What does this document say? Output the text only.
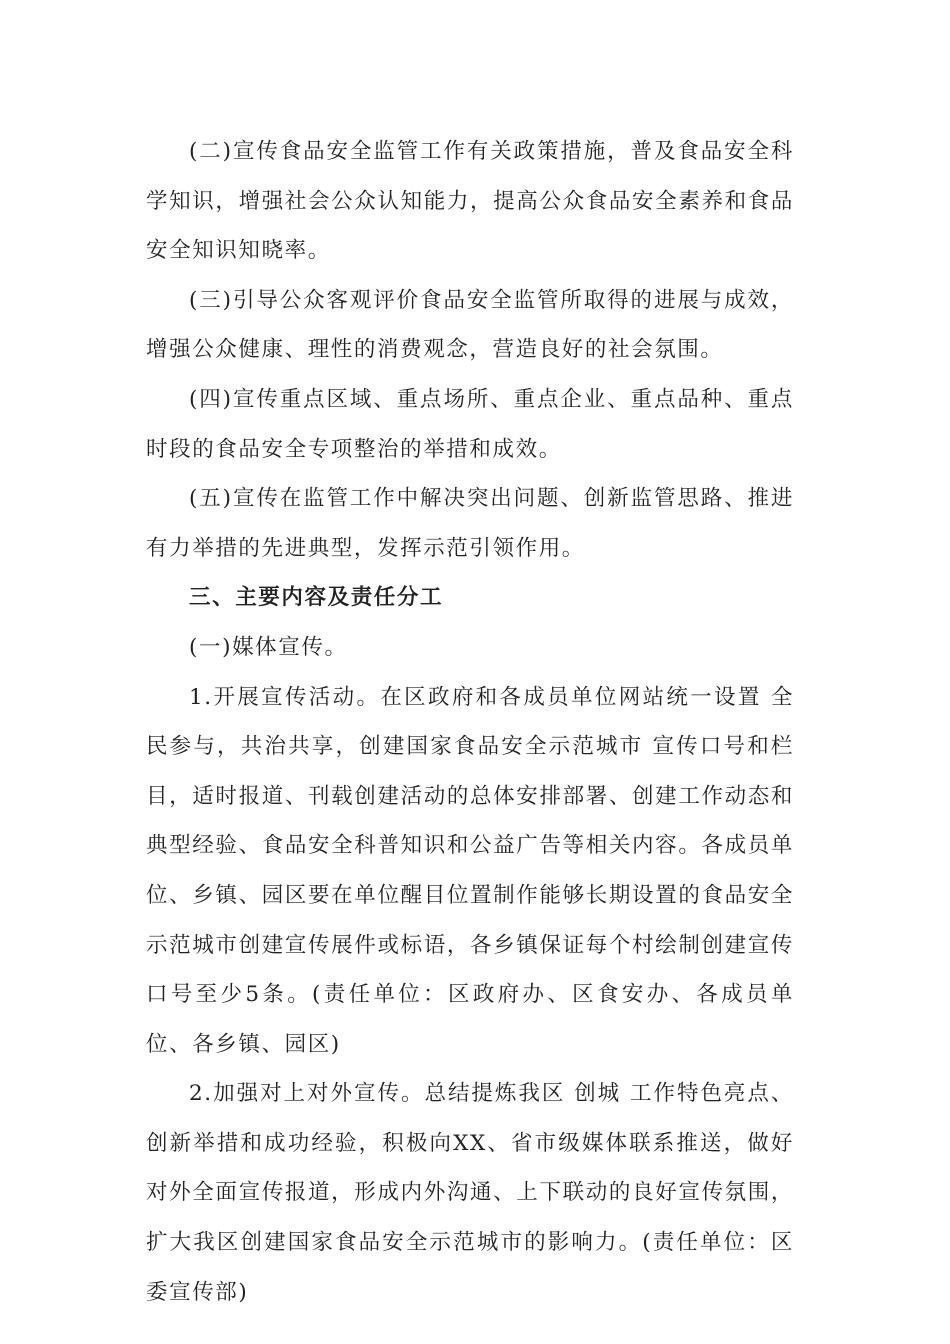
(二)宣传食品安全监管工作有关政策措施，普及食品安全科学知识，增强社会公众认知能力，提高公众食品安全素养和食品安全知识知晓率。

(三)引导公众客观评价食品安全监管所取得的进展与成效，增强公众健康、理性的消费观念，营造良好的社会氛围。

(四)宣传重点区域、重点场所、重点企业、重点品种、重点时段的食品安全专项整治的举措和成效。

(五)宣传在监管工作中解决突出问题、创新监管思路、推进有力举措的先进典型，发挥示范引领作用。

三、主要内容及责任分工

(一)媒体宣传。

1.开展宣传活动。在区政府和各成员单位网站统一设置 全民参与，共治共享，创建国家食品安全示范城市 宣传口号和栏目，适时报道、刊载创建活动的总体安排部署、创建工作动态和典型经验、食品安全科普知识和公益广告等相关内容。各成员单位、乡镇、园区要在单位醒目位置制作能够长期设置的食品安全示范城市创建宣传展件或标语，各乡镇保证每个村绘制创建宣传口号至少5条。(责任单位：区政府办、区食安办、各成员单位、各乡镇、园区)

2.加强对上对外宣传。总结提炼我区 创城 工作特色亮点、创新举措和成功经验，积极向XX、省市级媒体联系推送，做好对外全面宣传报道，形成内外沟通、上下联动的良好宣传氛围，扩大我区创建国家食品安全示范城市的影响力。(责任单位：区委宣传部)
